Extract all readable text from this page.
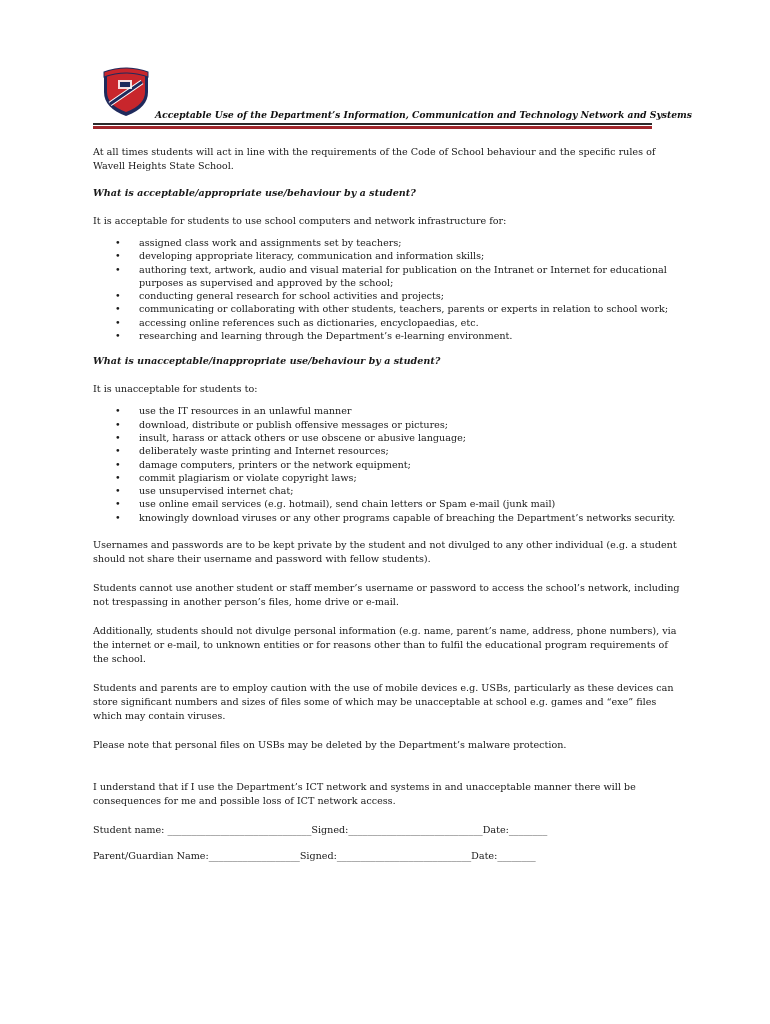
Acceptable Use of the Department’s Information, Communication and Technology Network and Systems

At all times students will act in line with the requirements of the Code of School behaviour and the specific rules of Wavell Heights State School.

What is acceptable/appropriate use/behaviour by a student?

It is acceptable for students to use school computers and network infrastructure for:

• assigned class work and assignments set by teachers;
• developing appropriate literacy, communication and information skills;
• authoring text, artwork, audio and visual material for publication on the Intranet or Internet for educational purposes as supervised and approved by the school;
• conducting general research for school activities and projects;
• communicating or collaborating with other students, teachers, parents or experts in relation to school work;
• accessing online references such as dictionaries, encyclopaedias, etc.
• researching and learning through the Department’s e-learning environment.

What is unacceptable/inappropriate use/behaviour by a student?

It is unacceptable for students to:

• use the IT resources in an unlawful manner
• download, distribute or publish offensive messages or pictures;
• insult, harass or attack others or use obscene or abusive language;
• deliberately waste printing and Internet resources;
• damage computers, printers or the network equipment;
• commit plagiarism or violate copyright laws;
• use unsupervised internet chat;
• use online email services (e.g. hotmail), send chain letters or Spam e-mail (junk mail)
• knowingly download viruses or any other programs capable of breaching the Department’s networks security.

Usernames and passwords are to be kept private by the student and not divulged to any other individual (e.g. a student should not share their username and password with fellow students).

Students cannot use another student or staff member’s username or password to access the school’s network, including not trespassing in another person’s files, home drive or e-mail.

Additionally, students should not divulge personal information (e.g. name, parent’s name, address, phone numbers), via the internet or e-mail, to unknown entities or for reasons other than to fulfil the educational program requirements of the school.

Students and parents are to employ caution with the use of mobile devices e.g. USBs, particularly as these devices can store significant numbers and sizes of files some of which may be unacceptable at school e.g. games and “exe” files which may contain viruses.

Please note that personal files on USBs may be deleted by the Department’s malware protection.

I understand that if I use the Department’s ICT network and systems in and unacceptable manner there will be consequences for me and possible loss of ICT network access.

Student name: ______________________________Signed:____________________________Date:________

Parent/Guardian Name:___________________Signed:____________________________Date:________
